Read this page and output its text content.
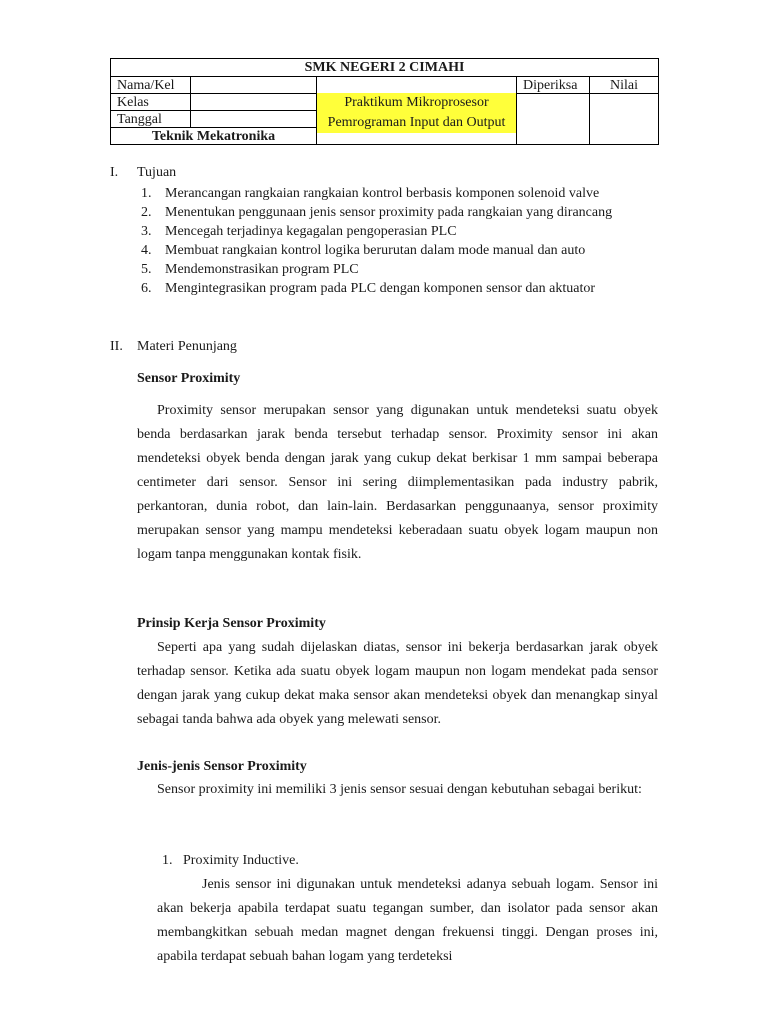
SMK NEGERI 2 CIMAHI				
Nama/Kel		Praktikum Mikroprosesor Pemrograman Input dan Output	Diperiksa	Nilai
Kelas				
Tanggal				
Teknik Mekatronika				
I. Tujuan
1. Merancangan rangkaian rangkaian kontrol berbasis komponen solenoid valve
2. Menentukan penggunaan jenis sensor proximity pada rangkaian yang dirancang
3. Mencegah terjadinya kegagalan pengoperasian PLC
4. Membuat rangkaian kontrol logika berurutan dalam mode manual dan auto
5. Mendemonstrasikan program PLC
6. Mengintegrasikan program pada PLC dengan komponen sensor dan aktuator
II. Materi Penunjang
Sensor Proximity
Proximity sensor merupakan sensor yang digunakan untuk mendeteksi suatu obyek benda berdasarkan jarak benda tersebut terhadap sensor. Proximity sensor ini akan mendeteksi obyek benda dengan jarak yang cukup dekat berkisar 1 mm sampai beberapa centimeter dari sensor. Sensor ini sering diimplementasikan pada industry pabrik, perkantoran, dunia robot, dan lain-lain. Berdasarkan penggunaanya, sensor proximity merupakan sensor yang mampu mendeteksi keberadaan suatu obyek logam maupun non logam tanpa menggunakan kontak fisik.
Prinsip Kerja Sensor Proximity
Seperti apa yang sudah dijelaskan diatas, sensor ini bekerja berdasarkan jarak obyek terhadap sensor. Ketika ada suatu obyek logam maupun non logam mendekat pada sensor dengan jarak yang cukup dekat maka sensor akan mendeteksi obyek dan menangkap sinyal sebagai tanda bahwa ada obyek yang melewati sensor.
Jenis-jenis Sensor Proximity
Sensor proximity ini memiliki 3 jenis sensor sesuai dengan kebutuhan sebagai berikut:
1. Proximity Inductive.
Jenis sensor ini digunakan untuk mendeteksi adanya sebuah logam. Sensor ini akan bekerja apabila terdapat suatu tegangan sumber, dan isolator pada sensor akan membangkitkan sebuah medan magnet dengan frekuensi tinggi. Dengan proses ini, apabila terdapat sebuah bahan logam yang terdeteksi
